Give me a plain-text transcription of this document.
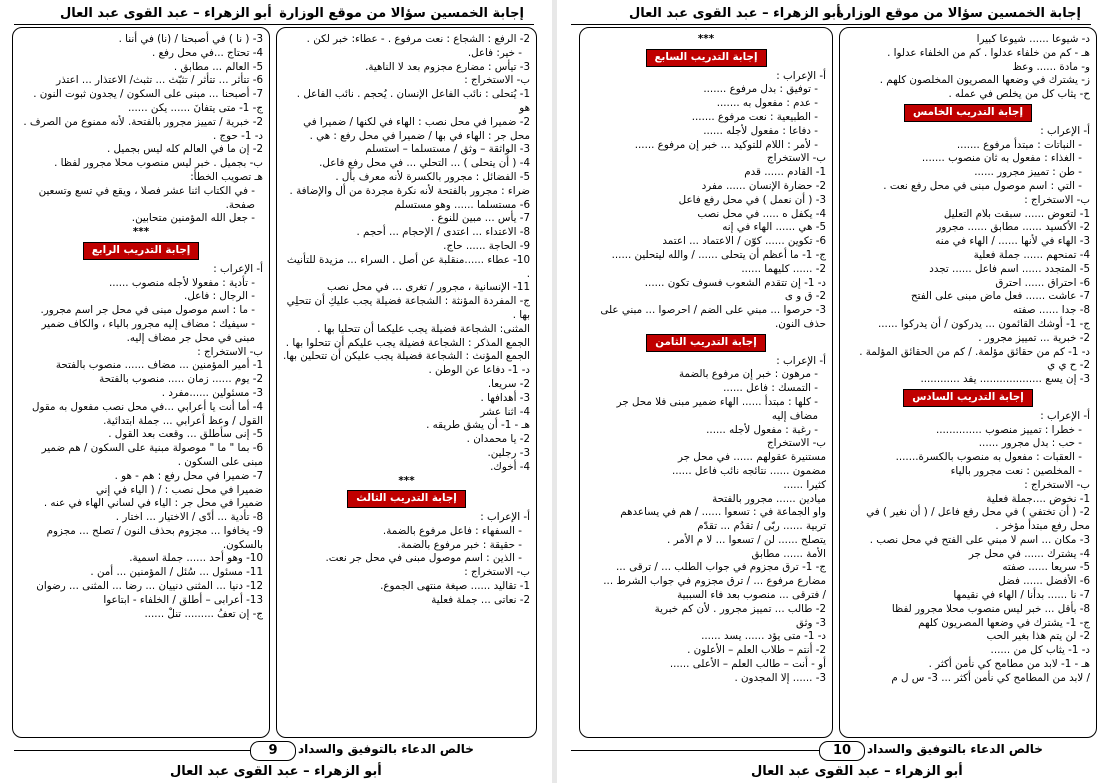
إجابة الخمسين سؤالا من موقع الوزارة
أبو الزهراء – عبد القوى عبد العال

2- الرفع : الشجاع : نعت مرفوع . - عطاء: خبر لكن .

- خير: فاعل.

3- تيأس : مضارع مجزوم بعد لا الناهية.

ب- الاستخراج :

1- يُتحلى : نائب الفاعل الإنسان . يُحجم . نائب الفاعل . هو

2- ضميرا في محل نصب : الهاء في لكنها / ضميرا في محل جر : الهاء في بها / ضميرا في محل رفع : هي .

3- الواثقة – وثق / مستسلما – استسلم

4- ( أن يتحلى ) ... التحلي ... في محل رفع فاعل.

5- الفضائل : مجرور بالكسرة لأنه معرف بأل .

ضراء : مجرور بالفتحة لأنه نكرة مجردة من أل والإضافة .

6- مستسلما ...... وهو مستسلم

7- يأس ... مبين للنوع .

8- الاعتداء ... اعتدى / الإحجام ... أحجم .

9- الحاجة ...... حاج.

10- عطاء ......منقلبة عن أصل . السراء ... مزيدة للتأنيث .

11- الإنسانية ، مجرور / تغرى ... في محل نصب

ج- المفردة المؤنثة : الشجاعة فضيلة يجب عليكِ أن تتحلِي بها .

المثنى: الشجاعة فضيلة يجب عليكما أن تتحليا بها .

الجمع المذكر : الشجاعة فضيلة يجب عليكم أن تتحلوا بها .

الجمع المؤنث : الشجاعة فضيلة يجب عليكن أن تتحلين بها.

د- 1- دفاعا عن الوطن .

2- سريعا.

3- أهدافها .

4- اثنا عشر

هـ - 1- أن يشق طريقه .

2- يا محمدان .

3- رجلين.

4- أخوك.

***

إجابة التدريب الثالث

أ- الإعراب :

- السفهاء : فاعل مرفوع بالضمة.

- حقيقة : خبر مرفوع بالضمة.

- الذين : اسم موصول مبنى في محل جر نعت.

ب- الاستخراج :

1- تقاليد ...... صيغة منتهى الجموع.

2- نعاتى ... جملة فعلية

3- ( نا ) في أصبحنا / (نا) في أننا .

4- تحتاج ...في محل رفع .

5- العالم ... مطابق .

6- تتأثر ... تتأثر / تثبّث ... تثبث/ الاعتذار ... اعتذر

7- أصبحنا ... مبنى على السكون / يجدون ثبوت النون .

ج- 1- متى يتفانَ ...... يكن ......

2- خبرية / تمييز مجرور بالفتحة. لأنه ممنوع من الصرف .

د- 1- حوج .

2- إن ما في العالم كله ليس بجميل .

ب- بجميل . خبر ليس منصوب محلا مجرور لفظا .

هـ تصويب الخطأ:

- في الكتاب اثنا عشر فصلا ، ويقع في تسع وتسعين صفحة.

- جعل الله المؤمنين متحابين.

***

إجابة التدريب الرابع

أ- الإعراب :

- تأدية : مفعولا لأجله منصوب ......

- الرجال : فاعل.

- ما : اسم موصول مبنى في محل جر اسم مجرور.

- سيفيك : مضاف إليه مجرور بالياء ، والكاف ضمير مبنى في محل جر مضاف إليه.

ب- الاستخراج :

1- أمير المؤمنين ... مضاف ...... منصوب بالفتحة

2- يوم ...... زمان ..... منصوب بالفتحة

3- مسئولين ......مفرد .

4- أما أنت يا أعرابي ...في محل نصب مفعول به مقول القول / وعظ أعرابي ... جملة ابتدائية.

5- إنى سأطلق ... وقعت بعد القول .

6- بما " ما " موصولة مبنية على السكون / هم ضمير مبنى على السكون .

7- ضميرا في محل رفع : هم - هو .

ضميرا في محل نصب : / ( الياء في إني

ضميرا في محل جر : الياء في لساني الهاء في عنه .

8- تأدية ... أدّى / الاختيار ... اختار .

9- يخافوا ... مجزوم بحذف النون / تصلح ... مجزوم بالسكون.

10- وهو أحد ...... جملة اسمية.

11- مسئول ... سُئل / المؤمنين ... أمن .

12- دنيا ... المثنى دنييان ... رضا ... المثنى ... رضوان

13- أعرابى – أطلق / الخلفاء - ابتاعوا

ج- إن تعفُ ......... تنلْ ......

9	خالص الدعاء بالتوفيق والسداد
أبو الزهراء – عبد القوى عبد العال
إجابة الخمسين سؤالا من موقع الوزارة
أبو الزهراء – عبد القوى عبد العال

د- شيوعا ...... شيوعا كبيرا

هـ - كم من خلفاء عدلوا . كم من الخلفاء عدلوا .

و- مادة ...... وعظ

ز- يشترك في وضعها المصريون المخلصون كلهم .

ح- يثاب كل من يخلص في عمله .

إجابة التدريب الخامس

أ- الإعراب :

- النباتات : مبتدأ مرفوع .......

- الغذاء : مفعول به ثان منصوب .......

- طن : تمييز مجرور ......

- التي : اسم موصول مبنى في محل رفع نعت .

ب- الاستخراج :

1- لتعوض ...... سبقت بلام التعليل

2- الأكسيد ...... مطابق ...... مجرور

3- الهاء في لأنها ...... / الهاء في منه

4- تمنحهم ...... جملة فعلية

5- المتجدد ...... اسم فاعل ...... تجدد

6- احتراق ...... احترق

7- عاشت ...... فعل ماض مبنى على الفتح

8- جدا ...... صفته

ج- 1- أوشك القائمون ... يدركون / أن يدركوا ......

2- خبرية ... تمييز مجرور .

د- 1- كم من حقائق مؤلمة. / كم من الحقائق المؤلمة .

2- ح ي ي

3- إن يسع ................... يفد ............

إجابة التدريب السادس

أ- الإعراب :

- خطرا : تمييز منصوب ..............

- حب : بدل مجرور ......

- العقبات : مفعول به منصوب بالكسرة.......

- المخلصين : نعت مجرور بالياء

ب- الاستخراج :

1- نخوض ....جملة فعلية

2- ( أن تختفي ) في محل رفع فاعل / ( أن نغير ) في محل رفع مبتدأ مؤخر .

3- مكان ... اسم لا مبني على الفتح في محل نصب .

4- يشترك ...... في محل جر

5- سريعا ...... صفته

6- الأفضل ...... فضل

7- نا ...... بدأنا / الهاء في نقيمها

8- بأقل ... خبر ليس منصوب محلا مجرور لفظا

ج- 1- يشترك في وضعها المصريون كلهم

2- لن يتم هذا بغير الحب

د- 1- يثاب كل من ......

هـ - 1- لابد من مطامح كي نأمن أكثر .

/ لابد من المطامح كي نأمن أكثر ... 3- س ل م

***

إجابة التدريب السابع

أ- الإعراب :

- توفيق : بدل مرفوع .......

- عدم : مفعول به .......

- الطبيعية : نعت مرفوع .......

- دفاعا : مفعول لأجله ......

- لأمر : اللام للتوكيد ... خبر إن مرفوع ......

ب- الاستخراج

1- القادم ...... قدم

2- حضارة الإنسان ...... مفرد

3- ( أن نعمل ) في محل رفع فاعل

4- يكفل ه ..... في محل نصب

5- هي ...... الهاء في إنه

6- تكوين ...... كوّن / الاعتماد ... اعتمد

ج- 1- ما أعظم أن يتحلى ...... / والله ليتحلين ......

2- ...... كليهما ......

د- 1- إن تتقدم الشعوب فسوف تكون ......

2- ق و ى

3- حرصوا ... مبني على الضم / احرصوا ... مبني على حذف النون.

إجابة التدريب الثامن

أ- الإعراب :

- مرهون : خبر إن مرفوع بالضمة

- التمسك : فاعل ......

- كلها : مبتدأ ...... الهاء ضمير مبنى فلا محل جر مضاف إليه

- رغبة : مفعول لأجله ......

ب- الاستخراج

مستنيرة عقولهم ...... في محل جر

مضمون ...... نتائجه نائب فاعل ......

كثيرا ......

ميادين ...... مجرور بالفتحة

واو الجماعة في : تسعوا ...... / هم في يساعدهم

تربية ...... ربّى / تقدُم ... تقدّم

يتصلح ...... لن / تسعوا ... لا م الأمر .

الأمة ...... مطابق

ج- 1- ترق مجزوم في جواب الطلب ... / ترقى ... مضارع مرفوع ... / ترق مجزوم في جواب الشرط ...

/ فترقى ... منصوب بعد فاء السببية

2- طالب ... تمييز مجرور . لأن كم خبرية

3- وثق

د- 1- متى يؤد ...... يسد ......

2- أنتم – طلاب العلم – الأعلون .

أو - أنت – طالب العلم – الأعلى ......

3- ...... إلا المجدون .

10	خالص الدعاء بالتوفيق والسداد
أبو الزهراء – عبد القوى عبد العال
